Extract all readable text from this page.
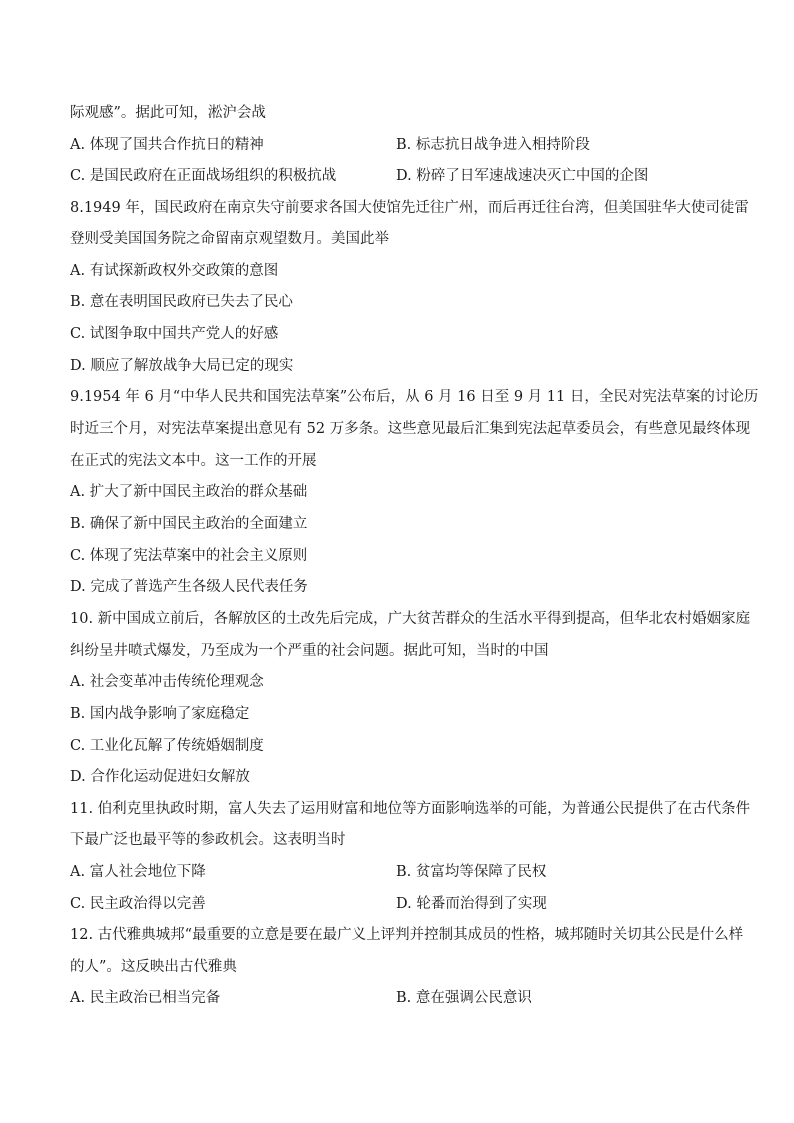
际观感”。据此可知，淞沪会战
A. 体现了国共合作抗日的精神	B. 标志抗日战争进入相持阶段
C. 是国民政府在正面战场组织的积极抗战	D. 粉碎了日军速战速决灭亡中国的企图
8.1949 年，国民政府在南京失守前要求各国大使馆先迁往广州，而后再迁往台湾，但美国驻华大使司徒雷
登则受美国国务院之命留南京观望数月。美国此举
A. 有试探新政权外交政策的意图
B. 意在表明国民政府已失去了民心
C. 试图争取中国共产党人的好感
D. 顺应了解放战争大局已定的现实
9.1954 年 6 月“中华人民共和国宪法草案”公布后，从 6 月 16 日至 9 月 11 日，全民对宪法草案的讨论历
时近三个月，对宪法草案提出意见有 52 万多条。这些意见最后汇集到宪法起草委员会，有些意见最终体现
在正式的宪法文本中。这一工作的开展
A. 扩大了新中国民主政治的群众基础
B. 确保了新中国民主政治的全面建立
C. 体现了宪法草案中的社会主义原则
D. 完成了普选产生各级人民代表任务
10. 新中国成立前后，各解放区的土改先后完成，广大贫苦群众的生活水平得到提高，但华北农村婚姻家庭
纠纷呈井喷式爆发，乃至成为一个严重的社会问题。据此可知，当时的中国
A. 社会变革冲击传统伦理观念
B. 国内战争影响了家庭稳定
C. 工业化瓦解了传统婚姻制度
D. 合作化运动促进妇女解放
11. 伯利克里执政时期，富人失去了运用财富和地位等方面影响选举的可能，为普通公民提供了在古代条件
下最广泛也最平等的参政机会。这表明当时
A. 富人社会地位下降	B. 贫富均等保障了民权
C. 民主政治得以完善	D. 轮番而治得到了实现
12. 古代雅典城邦“最重要的立意是要在最广义上评判并控制其成员的性格，城邦随时关切其公民是什么样
的人”。这反映出古代雅典
A. 民主政治已相当完备	B. 意在强调公民意识
